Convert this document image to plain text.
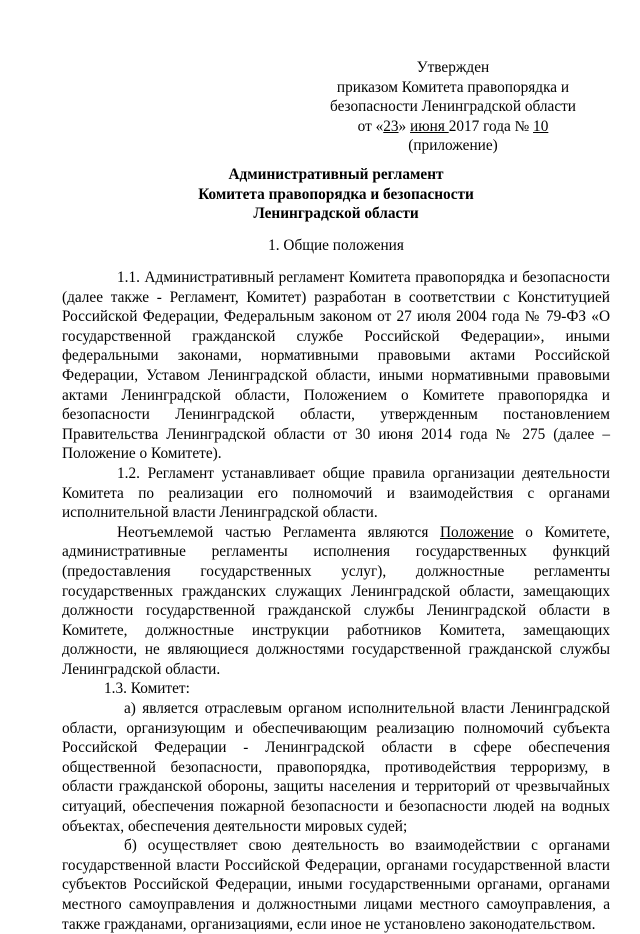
Утвержден
приказом Комитета правопорядка и
безопасности Ленинградской области
от «23» июня 2017 года № 10
(приложение)
Административный регламент
Комитета правопорядка и безопасности
Ленинградской области
1. Общие положения

1.1. Административный регламент Комитета правопорядка и безопасности (далее также - Регламент, Комитет) разработан в соответствии с Конституцией Российской Федерации, Федеральным законом от 27 июля 2004 года № 79-ФЗ «О государственной гражданской службе Российской Федерации», иными федеральными законами, нормативными правовыми актами Российской Федерации, Уставом Ленинградской области, иными нормативными правовыми актами Ленинградской области, Положением о Комитете правопорядка и безопасности Ленинградской области, утвержденным постановлением Правительства Ленинградской области от 30 июня 2014 года № 275 (далее – Положение о Комитете).

1.2. Регламент устанавливает общие правила организации деятельности Комитета по реализации его полномочий и взаимодействия с органами исполнительной власти Ленинградской области.

Неотъемлемой частью Регламента являются Положение о Комитете, административные регламенты исполнения государственных функций (предоставления государственных услуг), должностные регламенты государственных гражданских служащих Ленинградской области, замещающих должности государственной гражданской службы Ленинградской области в Комитете, должностные инструкции работников Комитета, замещающих должности, не являющиеся должностями государственной гражданской службы Ленинградской области.

1.3. Комитет:

а) является отраслевым органом исполнительной власти Ленинградской области, организующим и обеспечивающим реализацию полномочий субъекта Российской Федерации - Ленинградской области в сфере обеспечения общественной безопасности, правопорядка, противодействия терроризму, в области гражданской обороны, защиты населения и территорий от чрезвычайных ситуаций, обеспечения пожарной безопасности и безопасности людей на водных объектах, обеспечения деятельности мировых судей;

б) осуществляет свою деятельность во взаимодействии с органами государственной власти Российской Федерации, органами государственной власти субъектов Российской Федерации, иными государственными органами, органами местного самоуправления и должностными лицами местного самоуправления, а также гражданами, организациями, если иное не установлено законодательством.
